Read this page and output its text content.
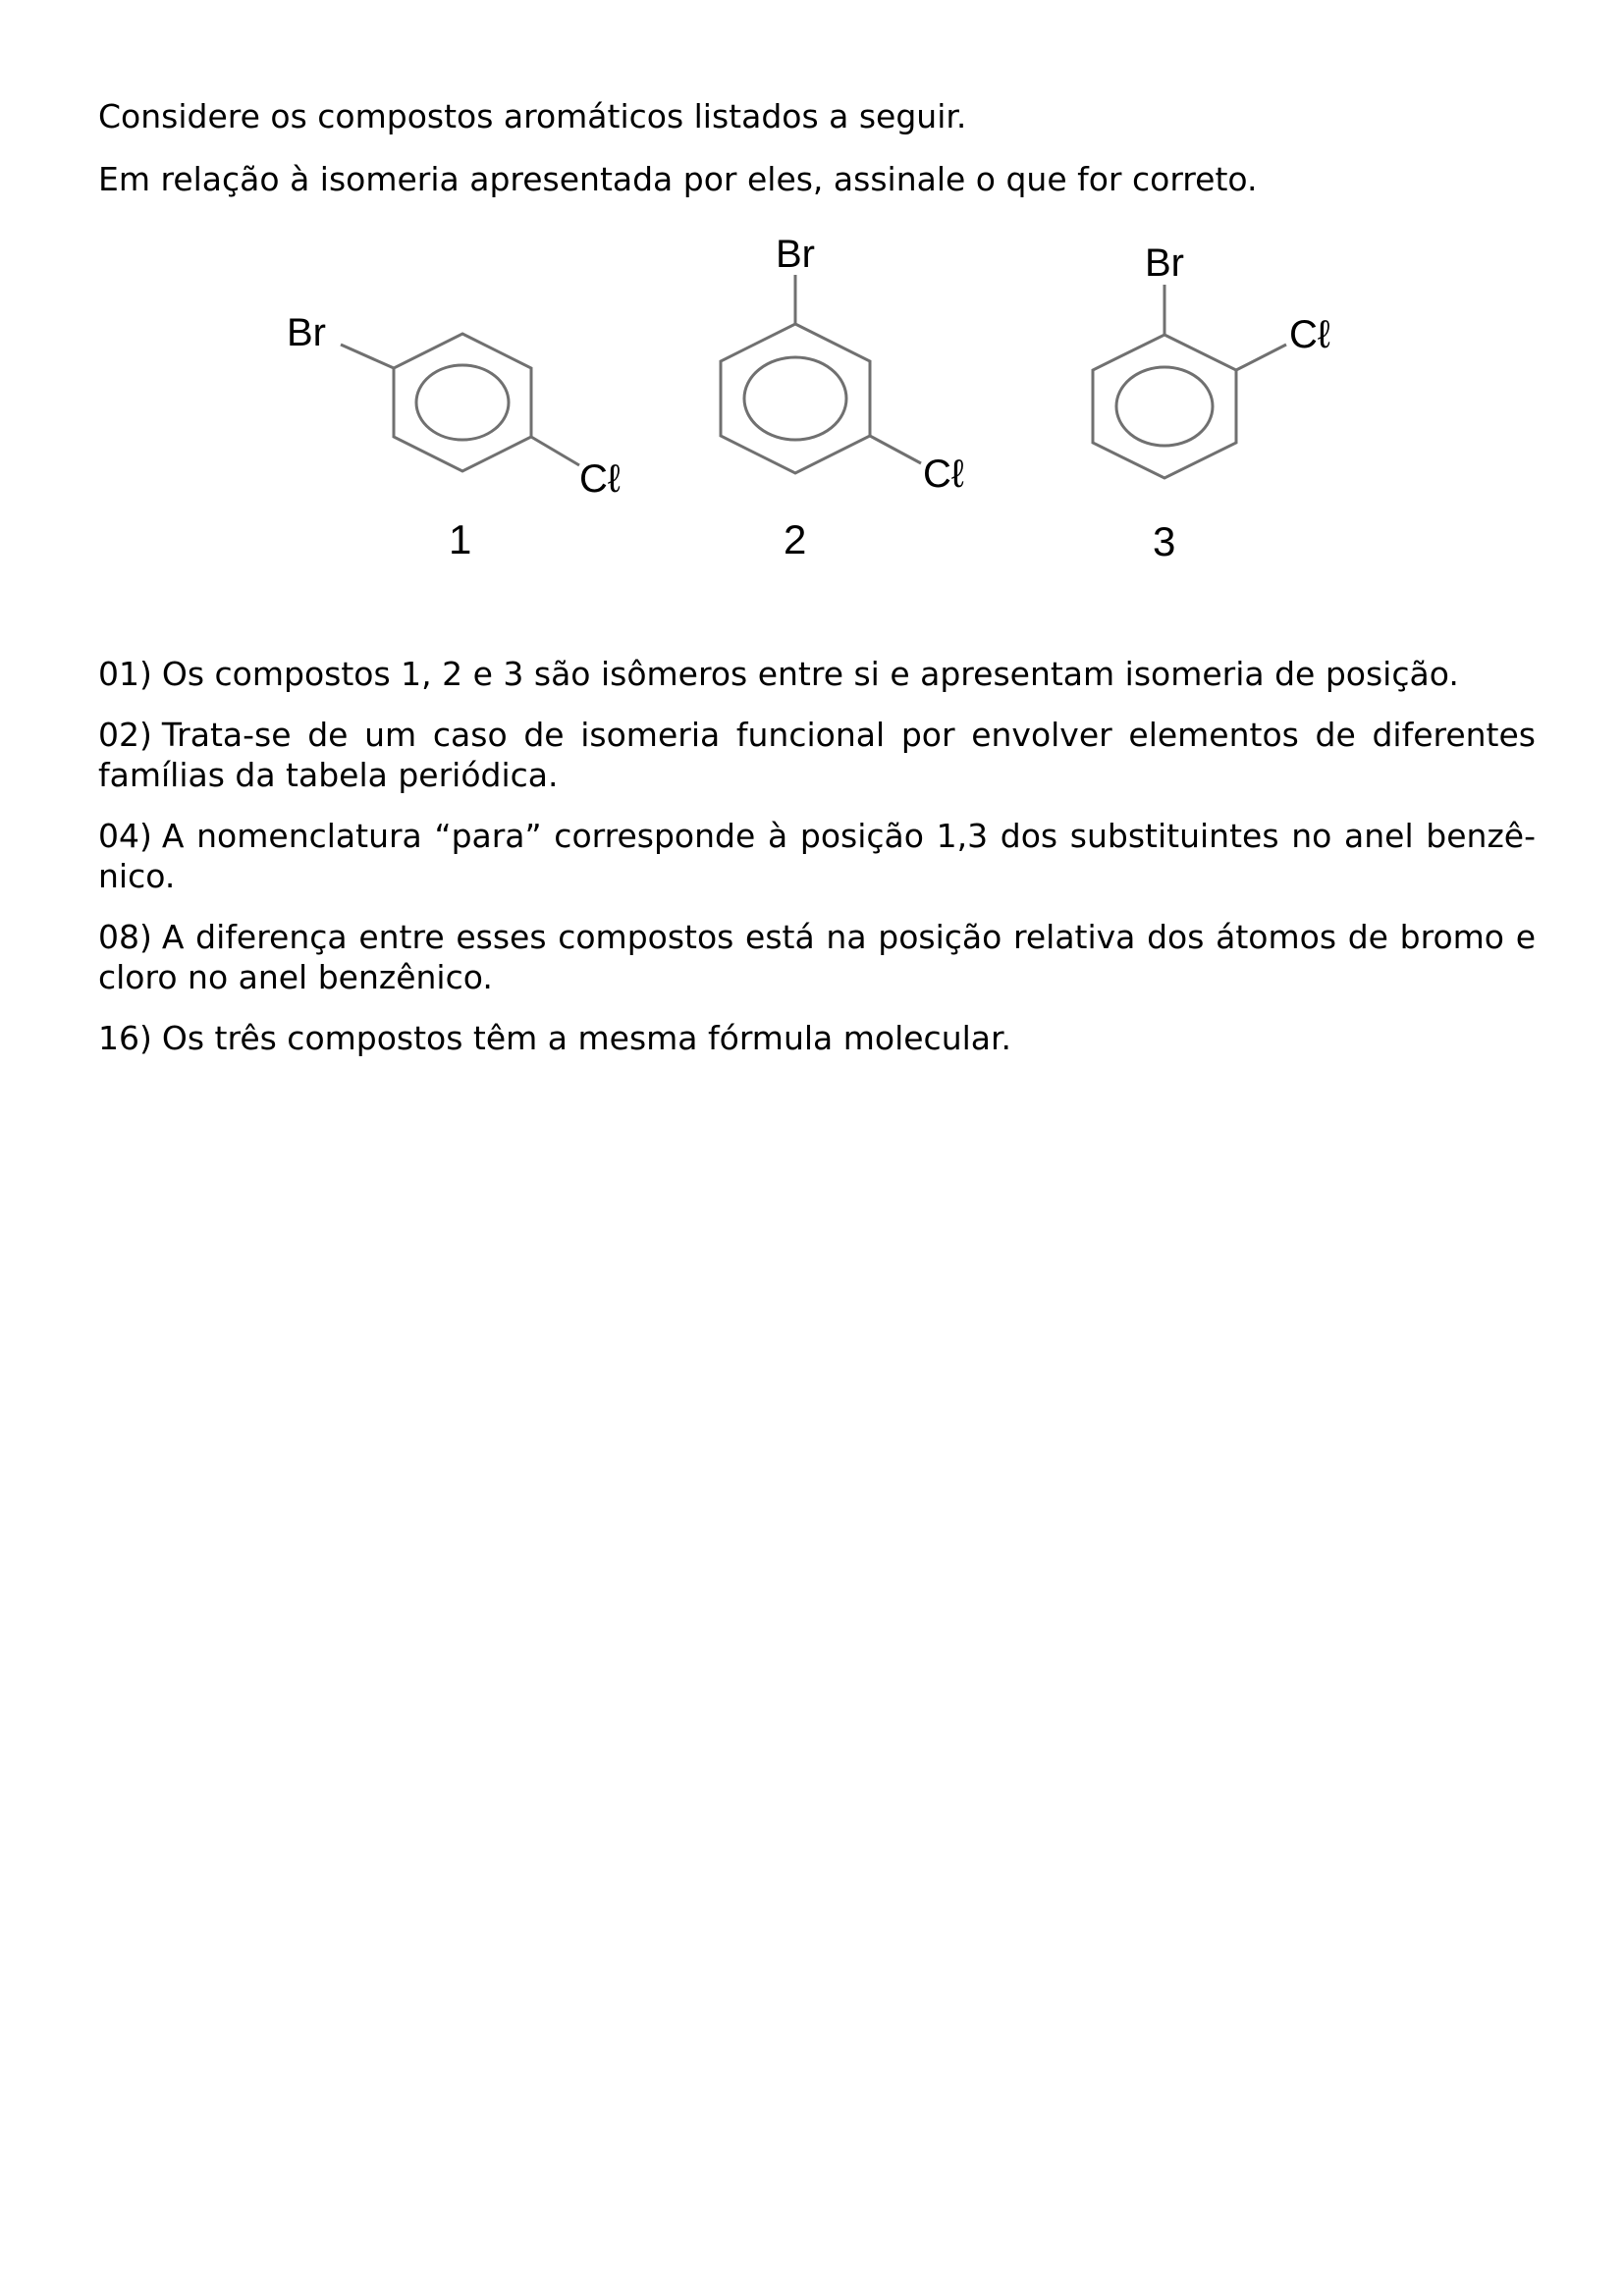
Considere os compostos aromáticos listados a seguir.

Em relação à isomeria apresentada por eles, assinale o que for correto.

Br
Cℓ
1
Br
Cℓ
2
Br
Cℓ
3

01) Os compostos 1, 2 e 3 são isômeros entre si e apresentam isomeria de posição.

02) Trata-se de um caso de isomeria funcional por envolver elementos de diferentes famílias da tabela periódica.

04) A nomenclatura “para” corresponde à posição 1,3 dos substituintes no anel benzê- nico.

08) A diferença entre esses compostos está na posição relativa dos átomos de bromo e cloro no anel benzênico.

16) Os três compostos têm a mesma fórmula molecular.
